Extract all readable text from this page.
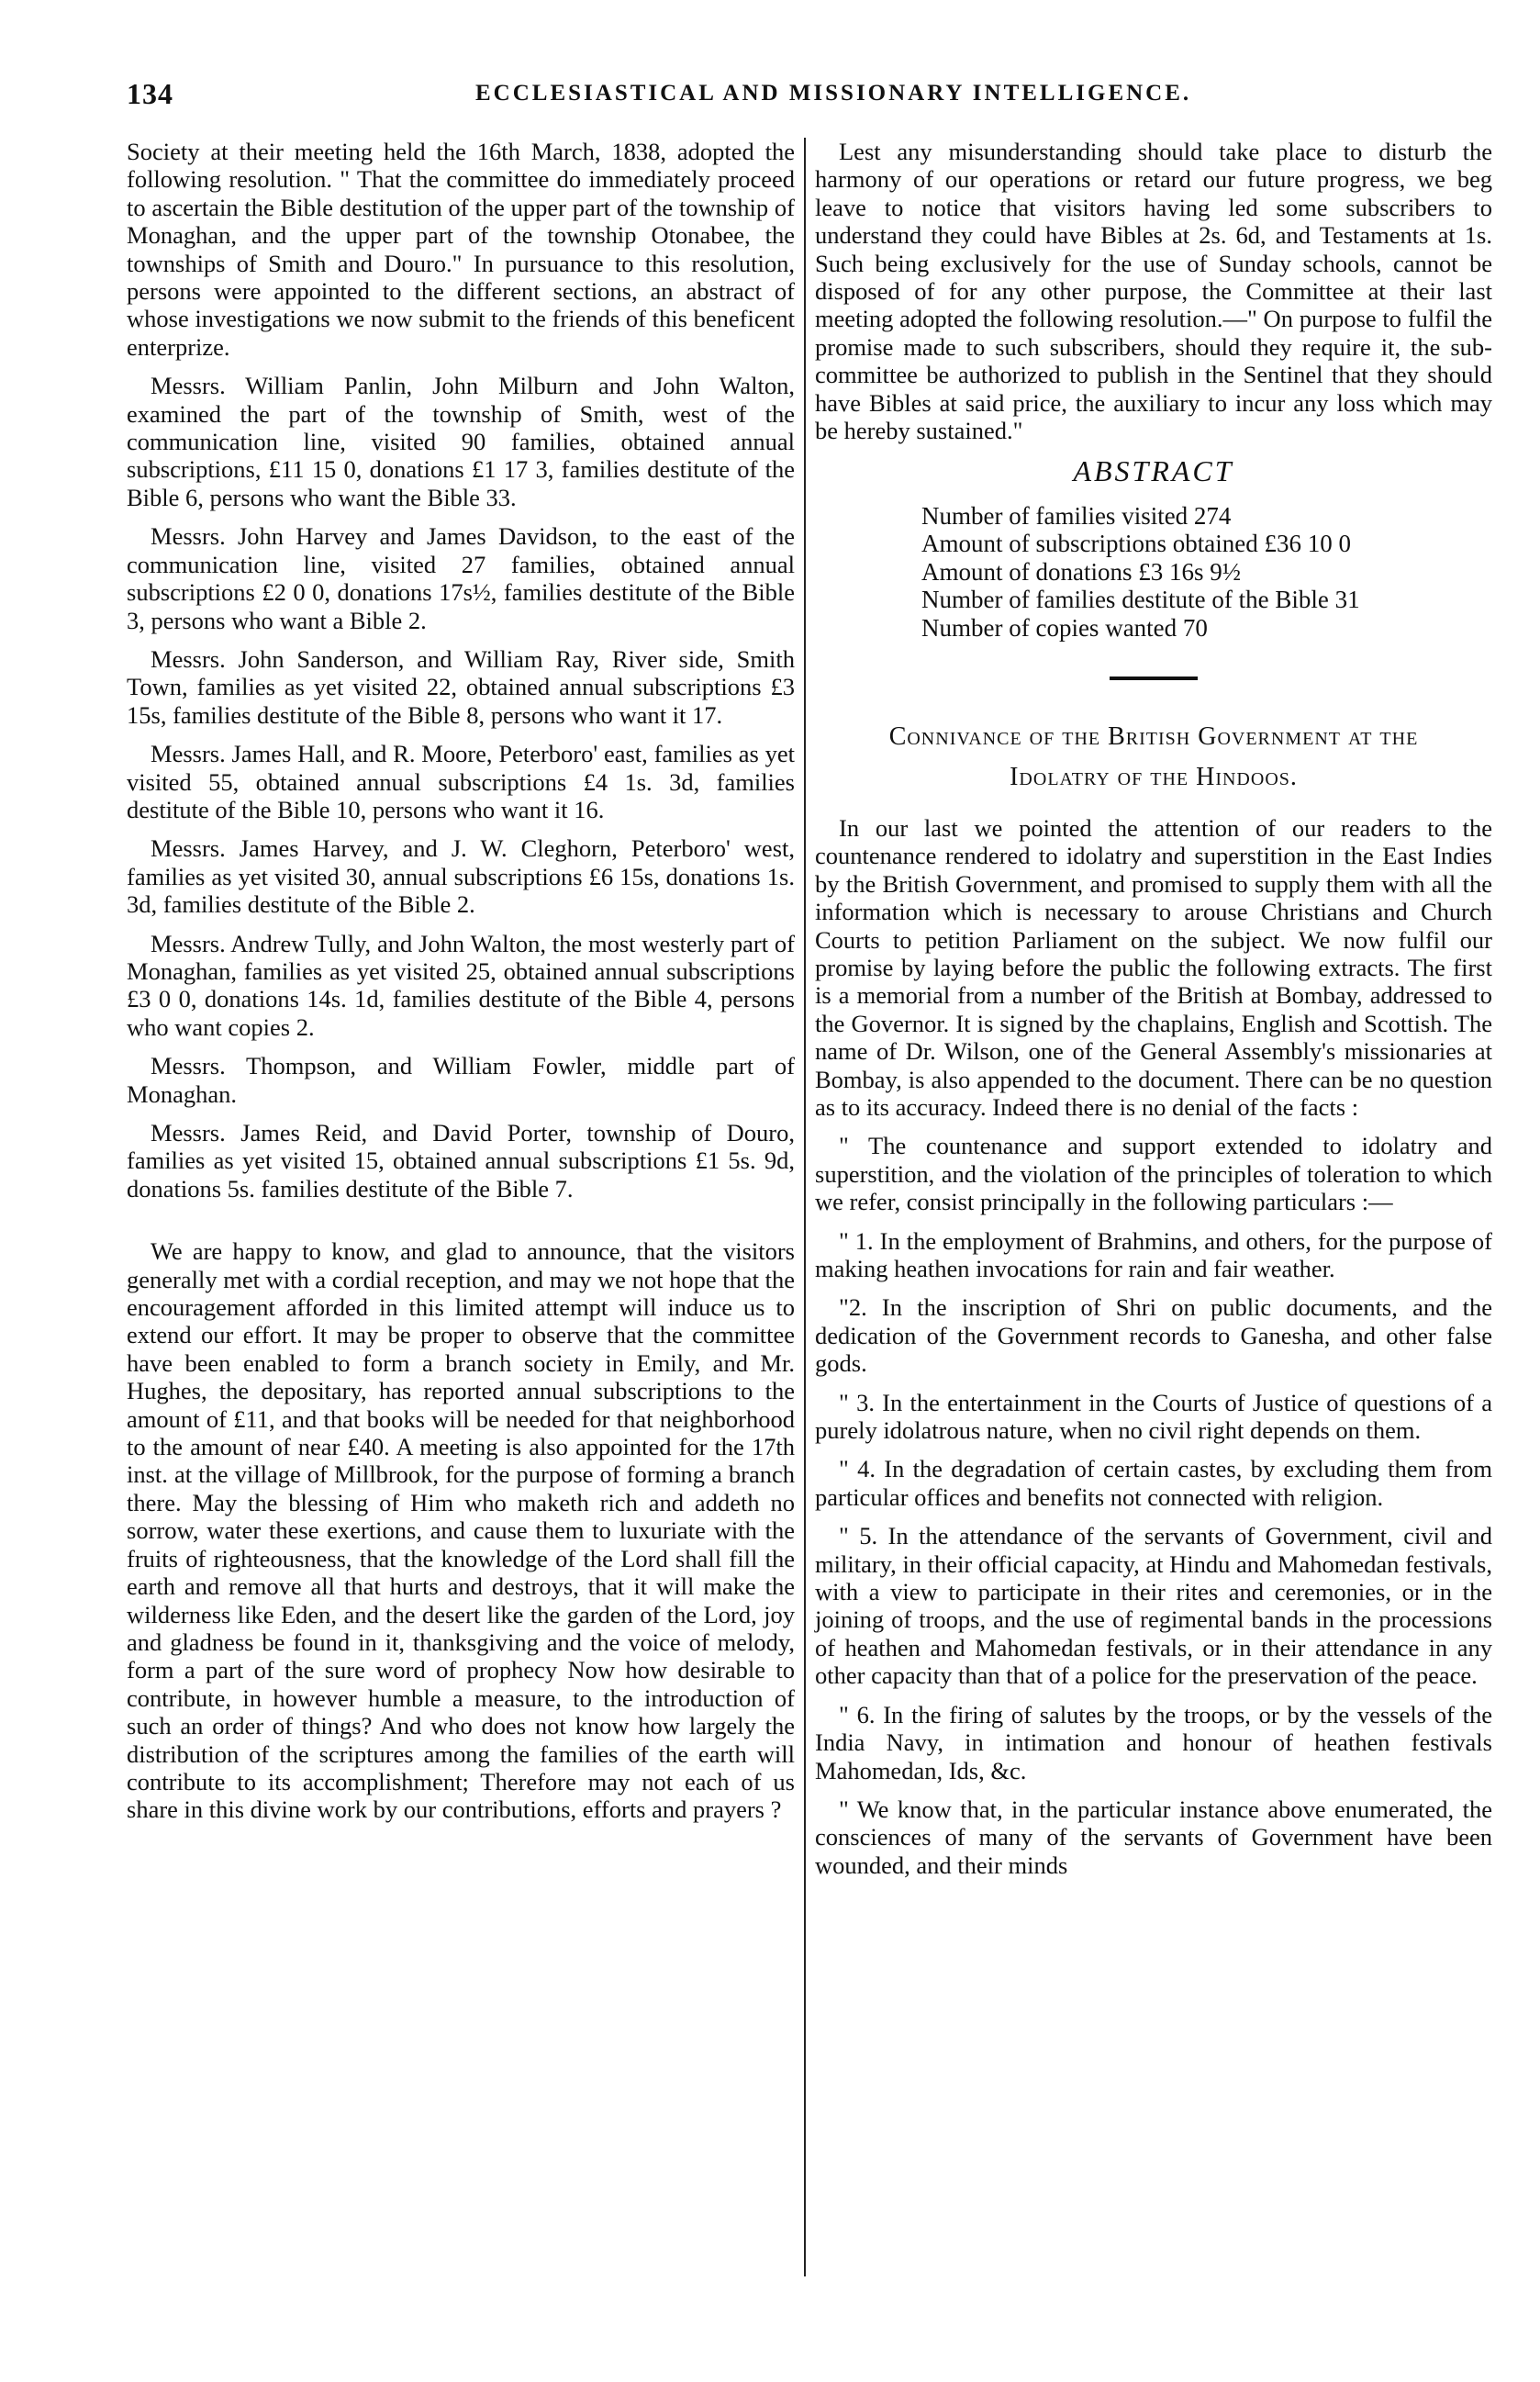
134	ECCLESIASTICAL AND MISSIONARY INTELLIGENCE.

Society at their meeting held the 16th March, 1838, adopted the following resolution. " That the committee do immediately proceed to ascertain the Bible destitution of the upper part of the township of Monaghan, and the upper part of the township Otonabee, the townships of Smith and Douro." In pursuance to this resolution, persons were appointed to the different sections, an abstract of whose investigations we now submit to the friends of this beneficent enterprize.

Messrs. William Panlin, John Milburn and John Walton, examined the part of the township of Smith, west of the communication line, visited 90 families, obtained annual subscriptions, £11 15 0, donations £1 17 3, families destitute of the Bible 6, persons who want the Bible 33.

Messrs. John Harvey and James Davidson, to the east of the communication line, visited 27 families, obtained annual subscriptions £2 0 0, donations 17s½, families destitute of the Bible 3, persons who want a Bible 2.

Messrs. John Sanderson, and William Ray, River side, Smith Town, families as yet visited 22, obtained annual subscriptions £3 15s, families destitute of the Bible 8, persons who want it 17.

Messrs. James Hall, and R. Moore, Peterboro' east, families as yet visited 55, obtained annual subscriptions £4 1s. 3d, families destitute of the Bible 10, persons who want it 16.

Messrs. James Harvey, and J. W. Cleghorn, Peterboro' west, families as yet visited 30, annual subscriptions £6 15s, donations 1s. 3d, families destitute of the Bible 2.

Messrs. Andrew Tully, and John Walton, the most westerly part of Monaghan, families as yet visited 25, obtained annual subscriptions £3 0 0, donations 14s. 1d, families destitute of the Bible 4, persons who want copies 2.

Messrs. Thompson, and William Fowler, middle part of Monaghan.

Messrs. James Reid, and David Porter, township of Douro, families as yet visited 15, obtained annual subscriptions £1 5s. 9d, donations 5s. families destitute of the Bible 7.

We are happy to know, and glad to announce, that the visitors generally met with a cordial reception, and may we not hope that the encouragement afforded in this limited attempt will induce us to extend our effort. It may be proper to observe that the committee have been enabled to form a branch society in Emily, and Mr. Hughes, the depositary, has reported annual subscriptions to the amount of £11, and that books will be needed for that neighborhood to the amount of near £40. A meeting is also appointed for the 17th inst. at the village of Millbrook, for the purpose of forming a branch there. May the blessing of Him who maketh rich and addeth no sorrow, water these exertions, and cause them to luxuriate with the fruits of righteousness, that the knowledge of the Lord shall fill the earth and remove all that hurts and destroys, that it will make the wilderness like Eden, and the desert like the garden of the Lord, joy and gladness be found in it, thanksgiving and the voice of melody, form a part of the sure word of prophecy Now how desirable to contribute, in however humble a measure, to the introduction of such an order of things? And who does not know how largely the distribution of the scriptures among the families of the earth will contribute to its accomplishment; Therefore may not each of us share in this divine work by our contributions, efforts and prayers ?

Lest any misunderstanding should take place to disturb the harmony of our operations or retard our future progress, we beg leave to notice that visitors having led some subscribers to understand they could have Bibles at 2s. 6d, and Testaments at 1s. Such being exclusively for the use of Sunday schools, cannot be disposed of for any other purpose, the Committee at their last meeting adopted the following resolution.—" On purpose to fulfil the promise made to such subscribers, should they require it, the sub-committee be authorized to publish in the Sentinel that they should have Bibles at said price, the auxiliary to incur any loss which may be hereby sustained."

ABSTRACT
Number of families visited 274
Amount of subscriptions obtained £36 10 0
Amount of donations £3 16s 9½
Number of families destitute of the Bible 31
Number of copies wanted 70
Connivance of the British Government at the
Idolatry of the Hindoos.

In our last we pointed the attention of our readers to the countenance rendered to idolatry and superstition in the East Indies by the British Government, and promised to supply them with all the information which is necessary to arouse Christians and Church Courts to petition Parliament on the subject. We now fulfil our promise by laying before the public the following extracts. The first is a memorial from a number of the British at Bombay, addressed to the Governor. It is signed by the chaplains, English and Scottish. The name of Dr. Wilson, one of the General Assembly's missionaries at Bombay, is also appended to the document. There can be no question as to its accuracy. Indeed there is no denial of the facts :

" The countenance and support extended to idolatry and superstition, and the violation of the principles of toleration to which we refer, consist principally in the following particulars :—

" 1. In the employment of Brahmins, and others, for the purpose of making heathen invocations for rain and fair weather.

"2. In the inscription of Shri on public documents, and the dedication of the Government records to Ganesha, and other false gods.

" 3. In the entertainment in the Courts of Justice of questions of a purely idolatrous nature, when no civil right depends on them.

" 4. In the degradation of certain castes, by excluding them from particular offices and benefits not connected with religion.

" 5. In the attendance of the servants of Government, civil and military, in their official capacity, at Hindu and Mahomedan festivals, with a view to participate in their rites and ceremonies, or in the joining of troops, and the use of regimental bands in the processions of heathen and Mahomedan festivals, or in their attendance in any other capacity than that of a police for the preservation of the peace.

" 6. In the firing of salutes by the troops, or by the vessels of the India Navy, in intimation and honour of heathen festivals Mahomedan, Ids, &c.

" We know that, in the particular instance above enumerated, the consciences of many of the servants of Government have been wounded, and their minds
